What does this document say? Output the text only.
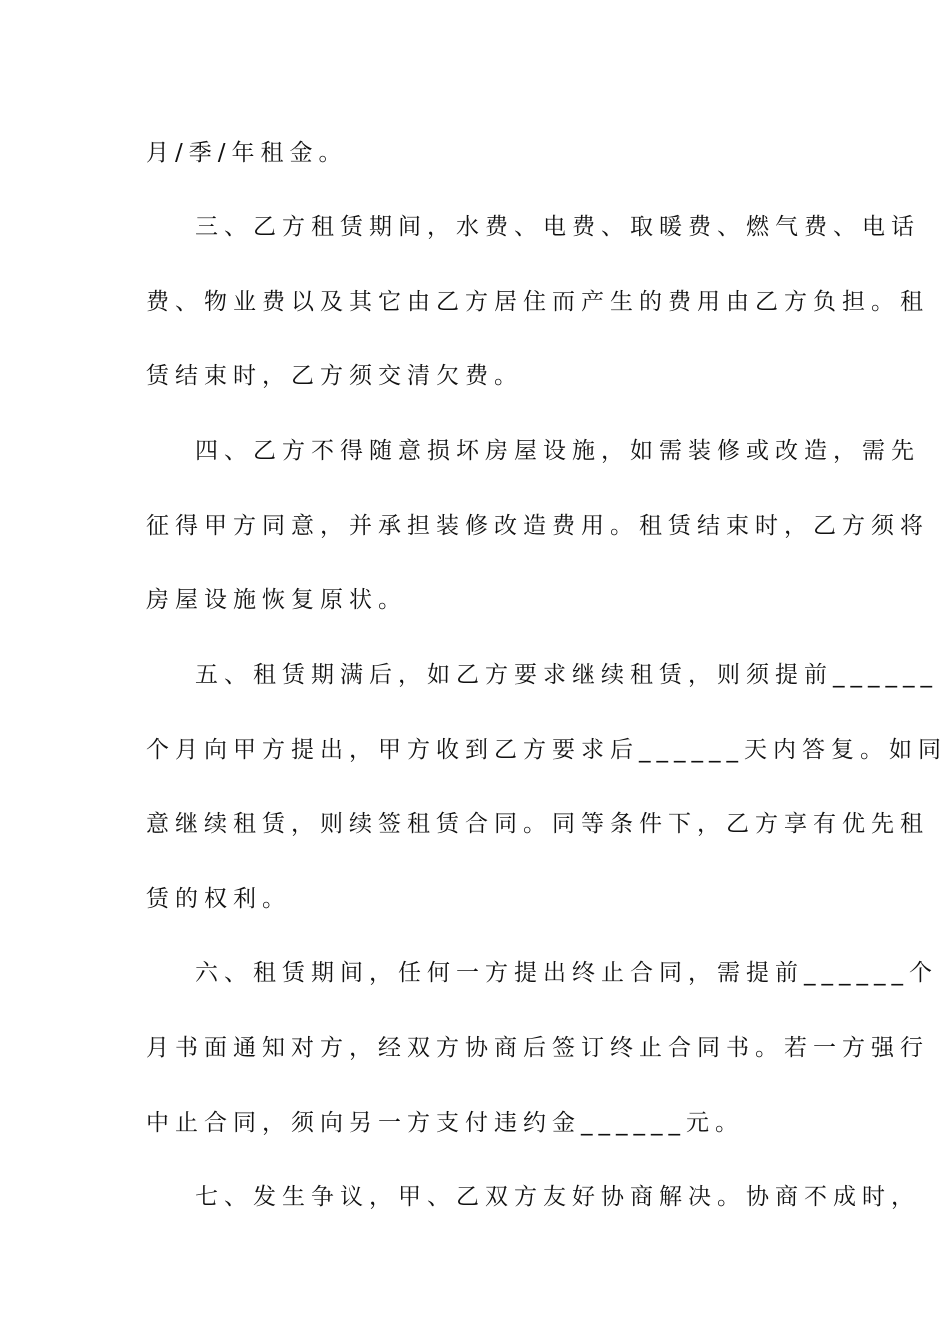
月/季/年租金。
三、乙方租赁期间，水费、电费、取暖费、燃气费、电话
费、物业费以及其它由乙方居住而产生的费用由乙方负担。租
赁结束时，乙方须交清欠费。
四、乙方不得随意损坏房屋设施，如需装修或改造，需先
征得甲方同意，并承担装修改造费用。租赁结束时，乙方须将
房屋设施恢复原状。
五、租赁期满后，如乙方要求继续租赁，则须提前______
个月向甲方提出，甲方收到乙方要求后______天内答复。如同
意继续租赁，则续签租赁合同。同等条件下，乙方享有优先租
赁的权利。
六、租赁期间，任何一方提出终止合同，需提前______个
月书面通知对方，经双方协商后签订终止合同书。若一方强行
中止合同，须向另一方支付违约金______元。
七、发生争议，甲、乙双方友好协商解决。协商不成时，
